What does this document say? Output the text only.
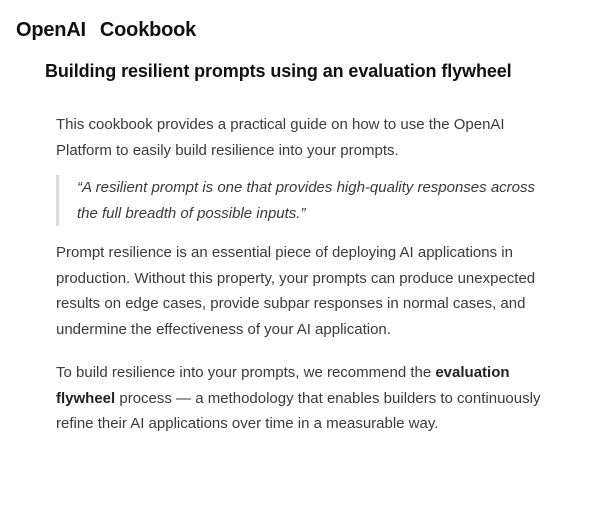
OpenAI Cookbook
Building resilient prompts using an evaluation flywheel

This cookbook provides a practical guide on how to use the OpenAI Platform to easily build resilience into your prompts.

“A resilient prompt is one that provides high-quality responses across the full breadth of possible inputs.”

Prompt resilience is an essential piece of deploying AI applications in production. Without this property, your prompts can produce unexpected results on edge cases, provide subpar responses in normal cases, and undermine the effectiveness of your AI application.

To build resilience into your prompts, we recommend the evaluation flywheel process — a methodology that enables builders to continuously refine their AI applications over time in a measurable way.
